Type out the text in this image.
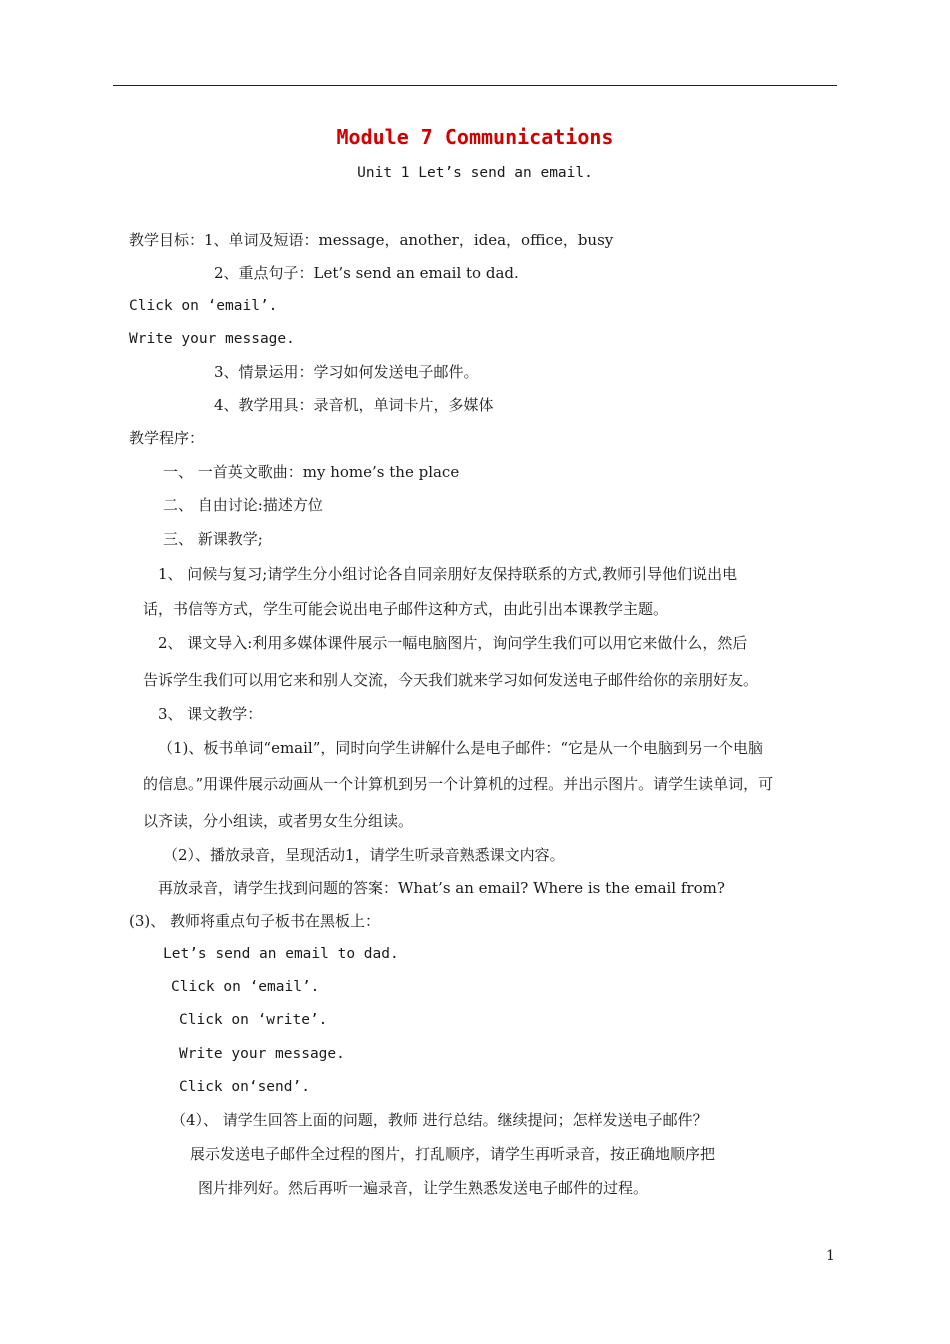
Module 7 Communications
Unit 1 Let’s send an email.
教学目标：1、单词及短语：message，another，idea，office，busy
2、重点句子：Let’s send an email to dad.
Click on ‘email’.
Write your message.
3、情景运用：学习如何发送电子邮件。
4、教学用具：录音机，单词卡片，多媒体
教学程序：
一、 一首英文歌曲：my home’s the place
二、 自由讨论:描述方位
三、 新课教学;
1、 问候与复习;请学生分小组讨论各自同亲朋好友保持联系的方式,教师引导他们说出电
话，书信等方式，学生可能会说出电子邮件这种方式，由此引出本课教学主题。
2、 课文导入:利用多媒体课件展示一幅电脑图片，询问学生我们可以用它来做什么，然后
告诉学生我们可以用它来和别人交流，今天我们就来学习如何发送电子邮件给你的亲朋好友。
3、 课文教学：
（1)、板书单词“email”，同时向学生讲解什么是电子邮件：“它是从一个电脑到另一个电脑
的信息。”用课件展示动画从一个计算机到另一个计算机的过程。并出示图片。请学生读单词，可
以齐读，分小组读，或者男女生分组读。
（2）、播放录音，呈现活动1，请学生听录音熟悉课文内容。
再放录音，请学生找到问题的答案：What’s an email? Where is the email from?
(3)、 教师将重点句子板书在黑板上：
Let’s send an email to dad.
Click on ‘email’.
Click on ‘write’.
Write your message.
Click on‘send’.
（4）、 请学生回答上面的问题，教师 进行总结。继续提问；怎样发送电子邮件？
展示发送电子邮件全过程的图片，打乱顺序，请学生再听录音，按正确地顺序把
图片排列好。然后再听一遍录音，让学生熟悉发送电子邮件的过程。
1
